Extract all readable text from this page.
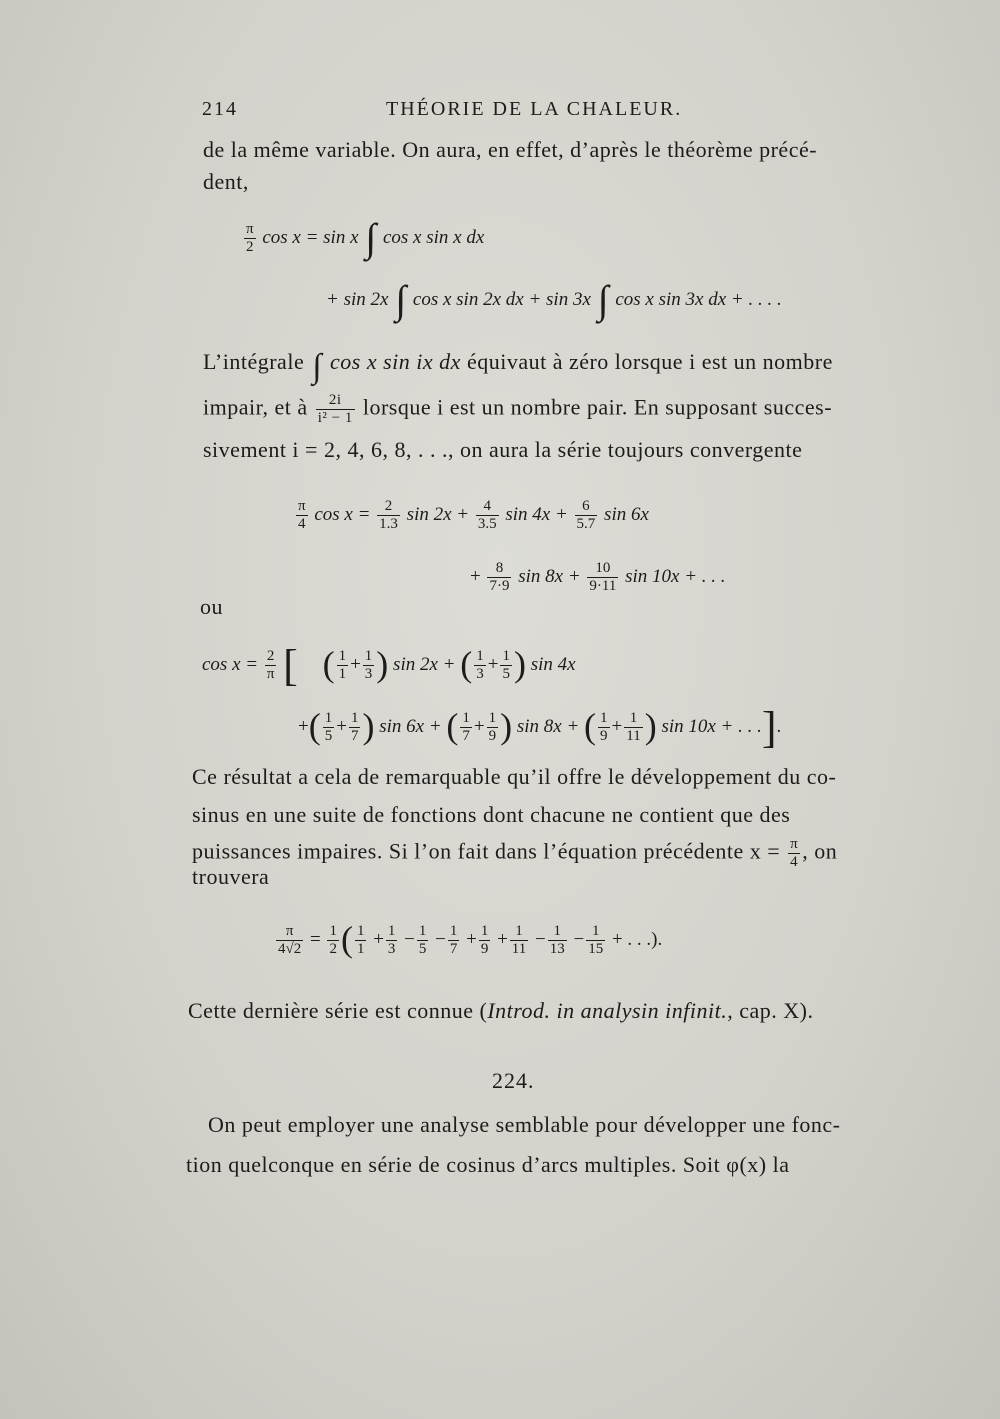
214	THÉORIE DE LA CHALEUR.
de la même variable. On aura, en effet, d’après le théorème précé-
dent,
$\frac{\pi}{2}$ cos x = sin x ∫ cos x sin x dx
+ sin 2x ∫ cos x sin 2x dx + sin 3x ∫ cos x sin 3x dx + . . . .
L’intégrale ∫ cos x sin ix dx équivaut à zéro lorsque i est un nombre
impair, et à $\frac{2i}{\text{i² − 1}}$ lorsque i est un nombre pair. En supposant succes-
sivement i = 2, 4, 6, 8, . . ., on aura la série toujours convergente
$\frac{\pi}{4}$ $\cos x = \frac{2}{1.3}$ $\sin 2x + \frac{4}{3.5}$ $\sin 4x + \frac{6}{5.7}$ sin 6x
+ $\frac{8}{7\cdot 9}$ $\sin 8x + \frac{10}{9\cdot 11}$ sin 10x + . . .
ou
$\cos x = \frac{2}{\pi}$ [ ( $\frac{1}{1} + \frac{1}{3}$ ) sin 2x + ( $\frac{1}{3} + \frac{1}{5}$ ) sin 4x
+( $\frac{1}{5} + \frac{1}{7}$ ) sin 6x + ( $\frac{1}{7} + \frac{1}{9}$ ) sin 8x + ( $\frac{1}{9} + \frac{1}{11}$ ) sin 10x + . . .].
Ce résultat a cela de remarquable qu’il offre le développement du co-
sinus en une suite de fonctions dont chacune ne contient que des
puissances impaires. Si l’on fait dans l’équation précédente $x = \frac{\pi}{4}$ , on
trouvera
$\frac{\pi}{4√2} = \frac{1}{2}$ ( $\frac{1}{1} + \frac{1}{3} - \frac{1}{5} - \frac{1}{7} + \frac{1}{9} + \frac{1}{11} - \frac{1}{13} - \frac{1}{15}$ + . . .).
Cette dernière série est connue (Introd. in analysin infinit., cap. X).
224.
On peut employer une analyse semblable pour développer une fonc-
tion quelconque en série de cosinus d’arcs multiples. Soit φ(x) la
